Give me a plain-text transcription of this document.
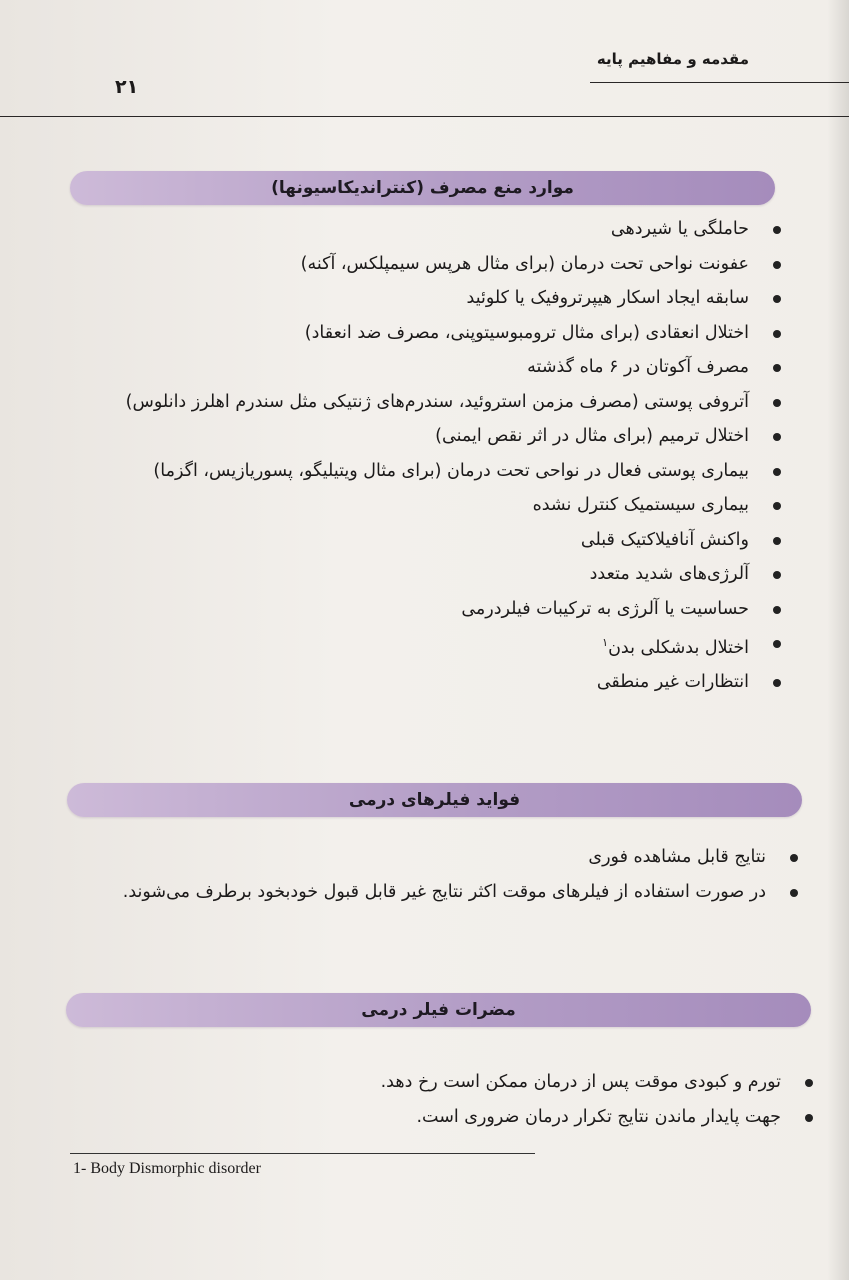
مقدمه و مفاهیم پایه
۲۱
موارد منع مصرف (کنتراندیکاسیونها)
حاملگی یا شیردهی
عفونت نواحی تحت درمان (برای مثال هرپس سیمپلکس، آکنه)
سابقه ایجاد اسکار هیپرتروفیک یا کلوئید
اختلال انعقادی (برای مثال ترومبوسیتوپنی، مصرف ضد انعقاد)
مصرف آکوتان در ۶ ماه گذشته
آتروفی پوستی (مصرف مزمن استروئید، سندرم‌های ژنتیکی مثل سندرم اهلرز دانلوس)
اختلال ترمیم (برای مثال در اثر نقص ایمنی)
بیماری پوستی فعال در نواحی تحت درمان (برای مثال ویتیلیگو، پسوریازیس، اگزما)
بیماری سیستمیک کنترل نشده
واکنش آنافیلاکتیک قبلی
آلرژی‌های شدید متعدد
حساسیت یا آلرژی به ترکیبات فیلردرمی
اختلال بدشکلی بدن$^۱$
انتظارات غیر منطقی
فواید فیلرهای درمی
نتایج قابل مشاهده فوری
در صورت استفاده از فیلرهای موقت اکثر نتایج غیر قابل قبول خودبخود برطرف می‌شوند.
مضرات فیلر درمی
تورم و کبودی موقت پس از درمان ممکن است رخ دهد.
جهت پایدار ماندن نتایج تکرار درمان ضروری است.
1- Body Dismorphic disorder
